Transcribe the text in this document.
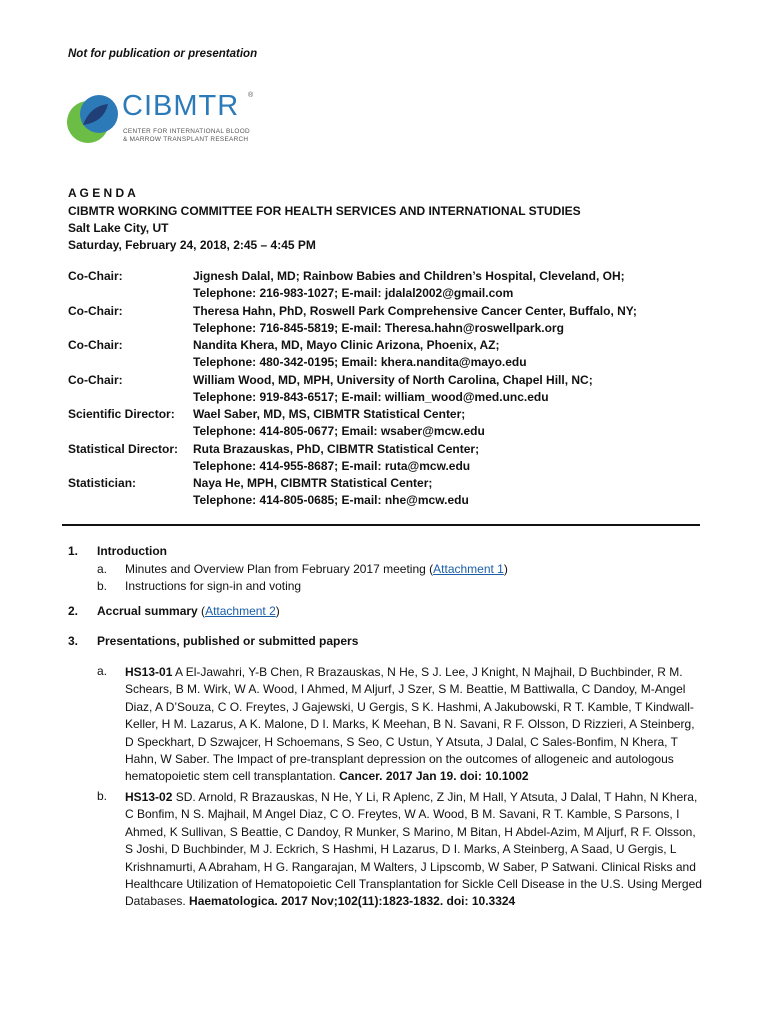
Not for publication or presentation
CIBMTR ®
CENTER FOR INTERNATIONAL BLOOD
& MARROW TRANSPLANT RESEARCH
A G E N D A
CIBMTR WORKING COMMITTEE FOR HEALTH SERVICES AND INTERNATIONAL STUDIES
Salt Lake City, UT
Saturday, February 24, 2018, 2:45 – 4:45 PM
Co-Chair:	Jignesh Dalal, MD; Rainbow Babies and Children’s Hospital, Cleveland, OH;
Telephone: 216-983-1027; E-mail: jdalal2002@gmail.com
Co-Chair:	Theresa Hahn, PhD, Roswell Park Comprehensive Cancer Center, Buffalo, NY;
Telephone: 716-845-5819; E-mail: Theresa.hahn@roswellpark.org
Co-Chair:	Nandita Khera, MD, Mayo Clinic Arizona, Phoenix, AZ;
Telephone: 480-342-0195; Email: khera.nandita@mayo.edu
Co-Chair:	William Wood, MD, MPH, University of North Carolina, Chapel Hill, NC;
Telephone: 919-843-6517; E-mail: william_wood@med.unc.edu
Scientific Director: Wael Saber, MD, MS, CIBMTR Statistical Center;
Telephone: 414-805-0677; Email: wsaber@mcw.edu
Statistical Director: Ruta Brazauskas, PhD, CIBMTR Statistical Center;
Telephone: 414-955-8687; E-mail: ruta@mcw.edu
Statistician:	Naya He, MPH, CIBMTR Statistical Center;
Telephone: 414-805-0685; E-mail: nhe@mcw.edu
1. Introduction
a. Minutes and Overview Plan from February 2017 meeting (Attachment 1)
b. Instructions for sign-in and voting
2. Accrual summary (Attachment 2)
3. Presentations, published or submitted papers
a. HS13-01 A El-Jawahri, Y-B Chen, R Brazauskas, N He, S J. Lee, J Knight, N Majhail, D Buchbinder, R M. Schears, B M. Wirk, W A. Wood, I Ahmed, M Aljurf, J Szer, S M. Beattie, M Battiwalla, C Dandoy, M-Angel Diaz, A D’Souza, C O. Freytes, J Gajewski, U Gergis, S K. Hashmi, A Jakubowski, R T. Kamble, T Kindwall-Keller, H M. Lazarus, A K. Malone, D I. Marks, K Meehan, B N. Savani, R F. Olsson, D Rizzieri, A Steinberg, D Speckhart, D Szwajcer, H Schoemans, S Seo, C Ustun, Y Atsuta, J Dalal, C Sales-Bonfim, N Khera, T Hahn, W Saber. The Impact of pre-transplant depression on the outcomes of allogeneic and autologous hematopoietic stem cell transplantation. Cancer. 2017 Jan 19. doi: 10.1002
b. HS13-02 SD. Arnold, R Brazauskas, N He, Y Li, R Aplenc, Z Jin, M Hall, Y Atsuta, J Dalal, T Hahn, N Khera, C Bonfim, N S. Majhail, M Angel Diaz, C O. Freytes, W A. Wood, B M. Savani, R T. Kamble, S Parsons, I Ahmed, K Sullivan, S Beattie, C Dandoy, R Munker, S Marino, M Bitan, H Abdel-Azim, M Aljurf, R F. Olsson, S Joshi, D Buchbinder, M J. Eckrich, S Hashmi, H Lazarus, D I. Marks, A Steinberg, A Saad, U Gergis, L Krishnamurti, A Abraham, H G. Rangarajan, M Walters, J Lipscomb, W Saber, P Satwani. Clinical Risks and Healthcare Utilization of Hematopoietic Cell Transplantation for Sickle Cell Disease in the U.S. Using Merged Databases. Haematologica. 2017 Nov;102(11):1823-1832. doi: 10.3324
